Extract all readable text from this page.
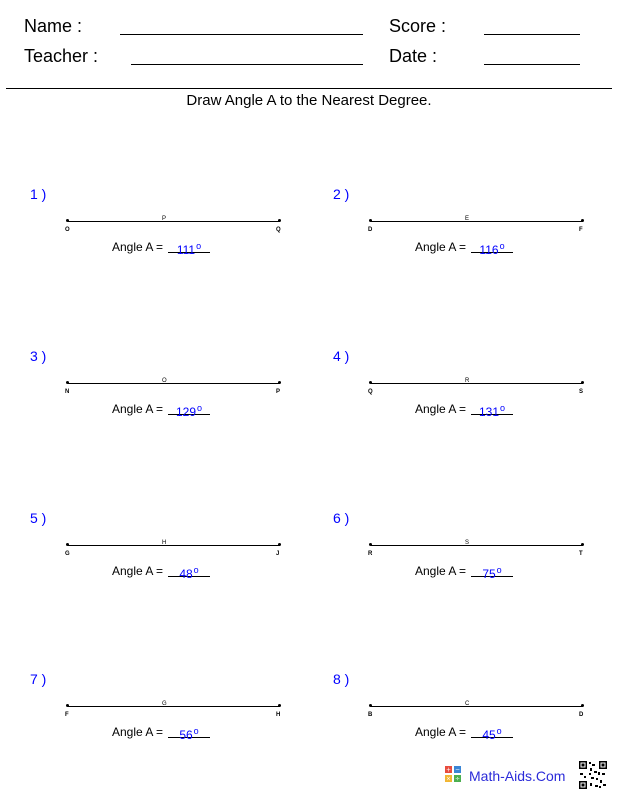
Name :	Score :
Teacher :	Date :
Draw Angle A to the Nearest Degree.
1 )
O
P
Q
Angle A =	$111^o$
2 )
D
E
F
Angle A =	$116^o$
3 )
N
O
P
Angle A =	$129^o$
4 )
Q
R
S
Angle A =	$131^o$
5 )
G
H
J
Angle A =	$48^o$
6 )
R
S
T
Angle A =	$75^o$
7 )
F
G
H
Angle A =	$56^o$
8 )
B
C
D
Angle A =	$45^o$
+ −
× ÷ Math-Aids.Com
